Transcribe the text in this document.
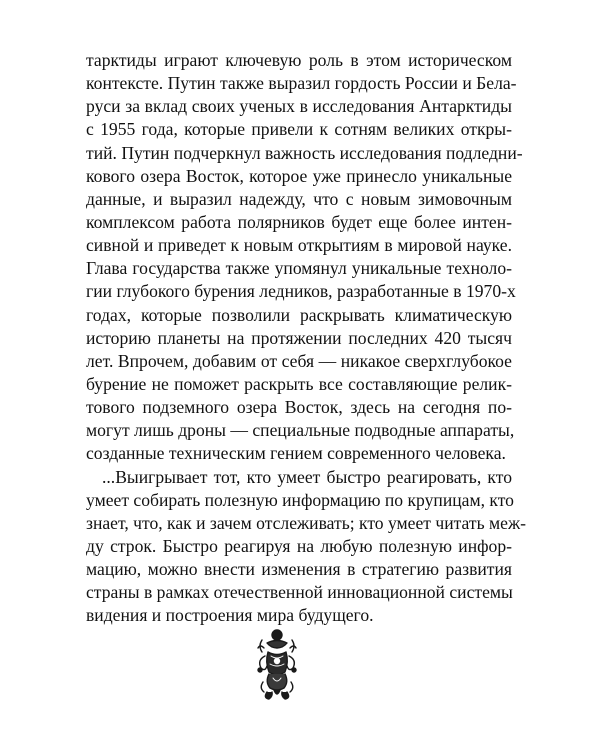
тарктиды играют ключевую роль в этом историческом
контексте. Путин также выразил гордость России и Бела-
руси за вклад своих ученых в исследования Антарктиды
с 1955 года, которые привели к сотням великих откры-
тий. Путин подчеркнул важность исследования подледни-
кового озера Восток, которое уже принесло уникальные
данные, и выразил надежду, что с новым зимовочным
комплексом работа полярников будет еще более интен-
сивной и приведет к новым открытиям в мировой науке.
Глава государства также упомянул уникальные техноло-
гии глубокого бурения ледников, разработанные в 1970-х
годах, которые позволили раскрывать климатическую
историю планеты на протяжении последних 420 тысяч
лет. Впрочем, добавим от себя — никакое сверхглубокое
бурение не поможет раскрыть все составляющие релик-
тового подземного озера Восток, здесь на сегодня по-
могут лишь дроны — специальные подводные аппараты,
созданные техническим гением современного человека.
...Выигрывает тот, кто умеет быстро реагировать, кто
умеет собирать полезную информацию по крупицам, кто
знает, что, как и зачем отслеживать; кто умеет читать меж-
ду строк. Быстро реагируя на любую полезную инфор-
мацию, можно внести изменения в стратегию развития
страны в рамках отечественной инновационной системы
видения и построения мира будущего.
